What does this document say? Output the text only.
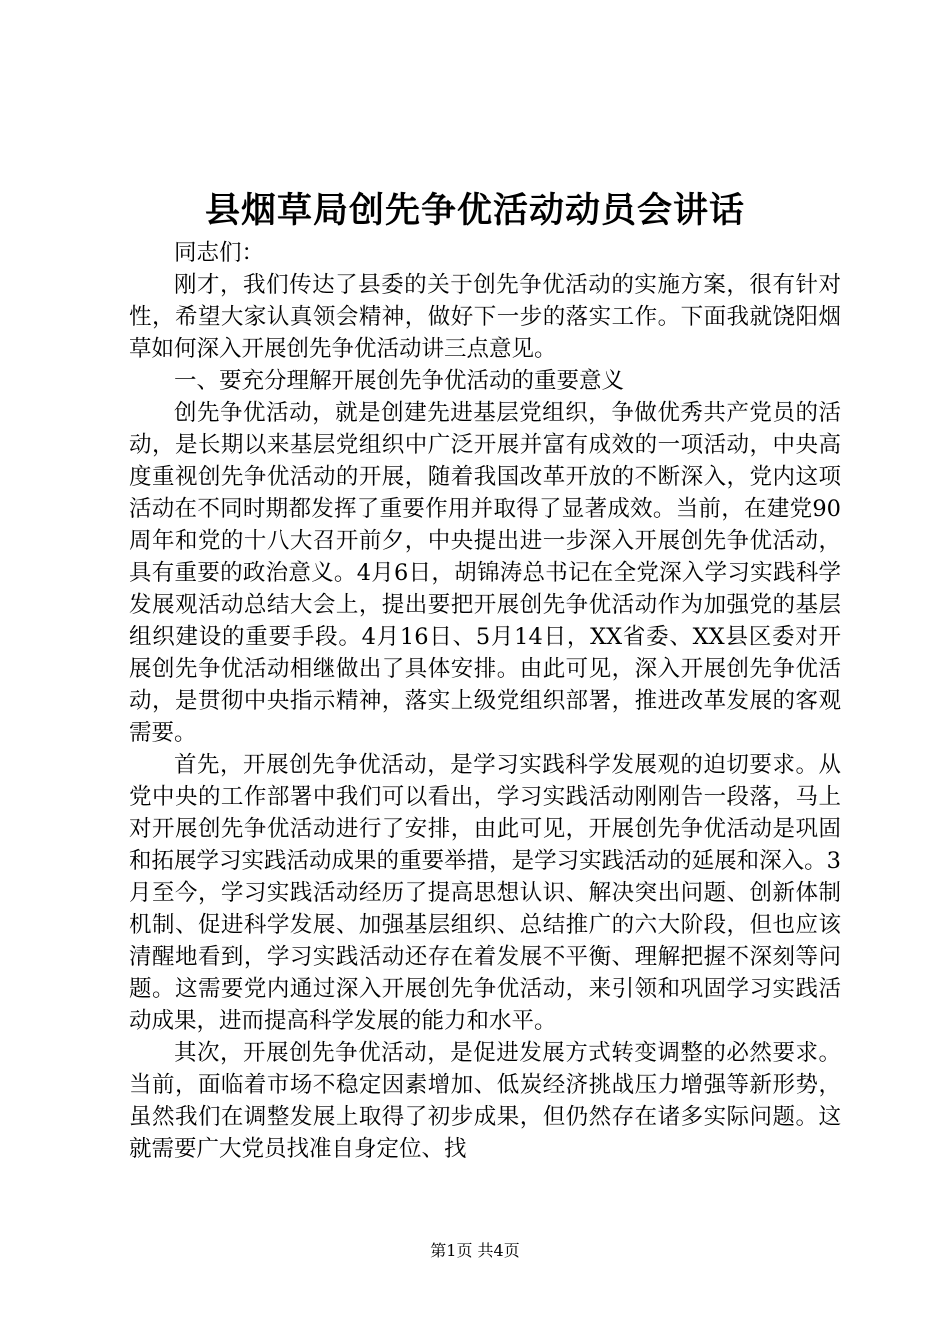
县烟草局创先争优活动动员会讲话

同志们：

刚才，我们传达了县委的关于创先争优活动的实施方案，很有针对性，希望大家认真领会精神，做好下一步的落实工作。下面我就饶阳烟草如何深入开展创先争优活动讲三点意见。

一、要充分理解开展创先争优活动的重要意义

创先争优活动，就是创建先进基层党组织，争做优秀共产党员的活动，是长期以来基层党组织中广泛开展并富有成效的一项活动，中央高度重视创先争优活动的开展，随着我国改革开放的不断深入，党内这项活动在不同时期都发挥了重要作用并取得了显著成效。当前，在建党90周年和党的十八大召开前夕，中央提出进一步深入开展创先争优活动，具有重要的政治意义。4月6日，胡锦涛总书记在全党深入学习实践科学发展观活动总结大会上，提出要把开展创先争优活动作为加强党的基层组织建设的重要手段。4月16日、5月14日，XX省委、XX县区委对开展创先争优活动相继做出了具体安排。由此可见，深入开展创先争优活动，是贯彻中央指示精神，落实上级党组织部署，推进改革发展的客观需要。

首先，开展创先争优活动，是学习实践科学发展观的迫切要求。从党中央的工作部署中我们可以看出，学习实践活动刚刚告一段落，马上对开展创先争优活动进行了安排，由此可见，开展创先争优活动是巩固和拓展学习实践活动成果的重要举措，是学习实践活动的延展和深入。3月至今，学习实践活动经历了提高思想认识、解决突出问题、创新体制机制、促进科学发展、加强基层组织、总结推广的六大阶段，但也应该清醒地看到，学习实践活动还存在着发展不平衡、理解把握不深刻等问题。这需要党内通过深入开展创先争优活动，来引领和巩固学习实践活动成果，进而提高科学发展的能力和水平。

其次，开展创先争优活动，是促进发展方式转变调整的必然要求。当前，面临着市场不稳定因素增加、低炭经济挑战压力增强等新形势，虽然我们在调整发展上取得了初步成果，但仍然存在诸多实际问题。这就需要广大党员找准自身定位、找

第1页 共4页
